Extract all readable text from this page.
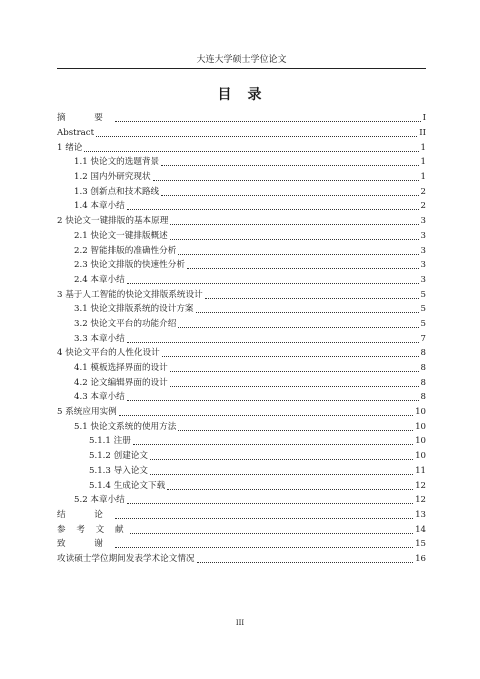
大连大学硕士学位论文
目　录
摘　要	I
Abstract	II
1 绪论	1
1.1 快论文的选题背景	1
1.2 国内外研究现状	1
1.3 创新点和技术路线	2
1.4 本章小结	2
2 快论文一键排版的基本原理	3
2.1 快论文一键排版概述	3
2.2 智能排版的准确性分析	3
2.3 快论文排版的快速性分析	3
2.4 本章小结	3
3 基于人工智能的快论文排版系统设计	5
3.1 快论文排版系统的设计方案	5
3.2 快论文平台的功能介绍	5
3.3 本章小结	7
4 快论文平台的人性化设计	8
4.1 模板选择界面的设计	8
4.2 论文编辑界面的设计	8
4.3 本章小结	8
5 系统应用实例	10
5.1 快论文系统的使用方法	10
5.1.1 注册	10
5.1.2 创建论文	10
5.1.3 导入论文	11
5.1.4 生成论文下载	12
5.2 本章小结	12
结　论	13
参 考 文 献	14
致　谢	15
攻读硕士学位期间发表学术论文情况	16
III
